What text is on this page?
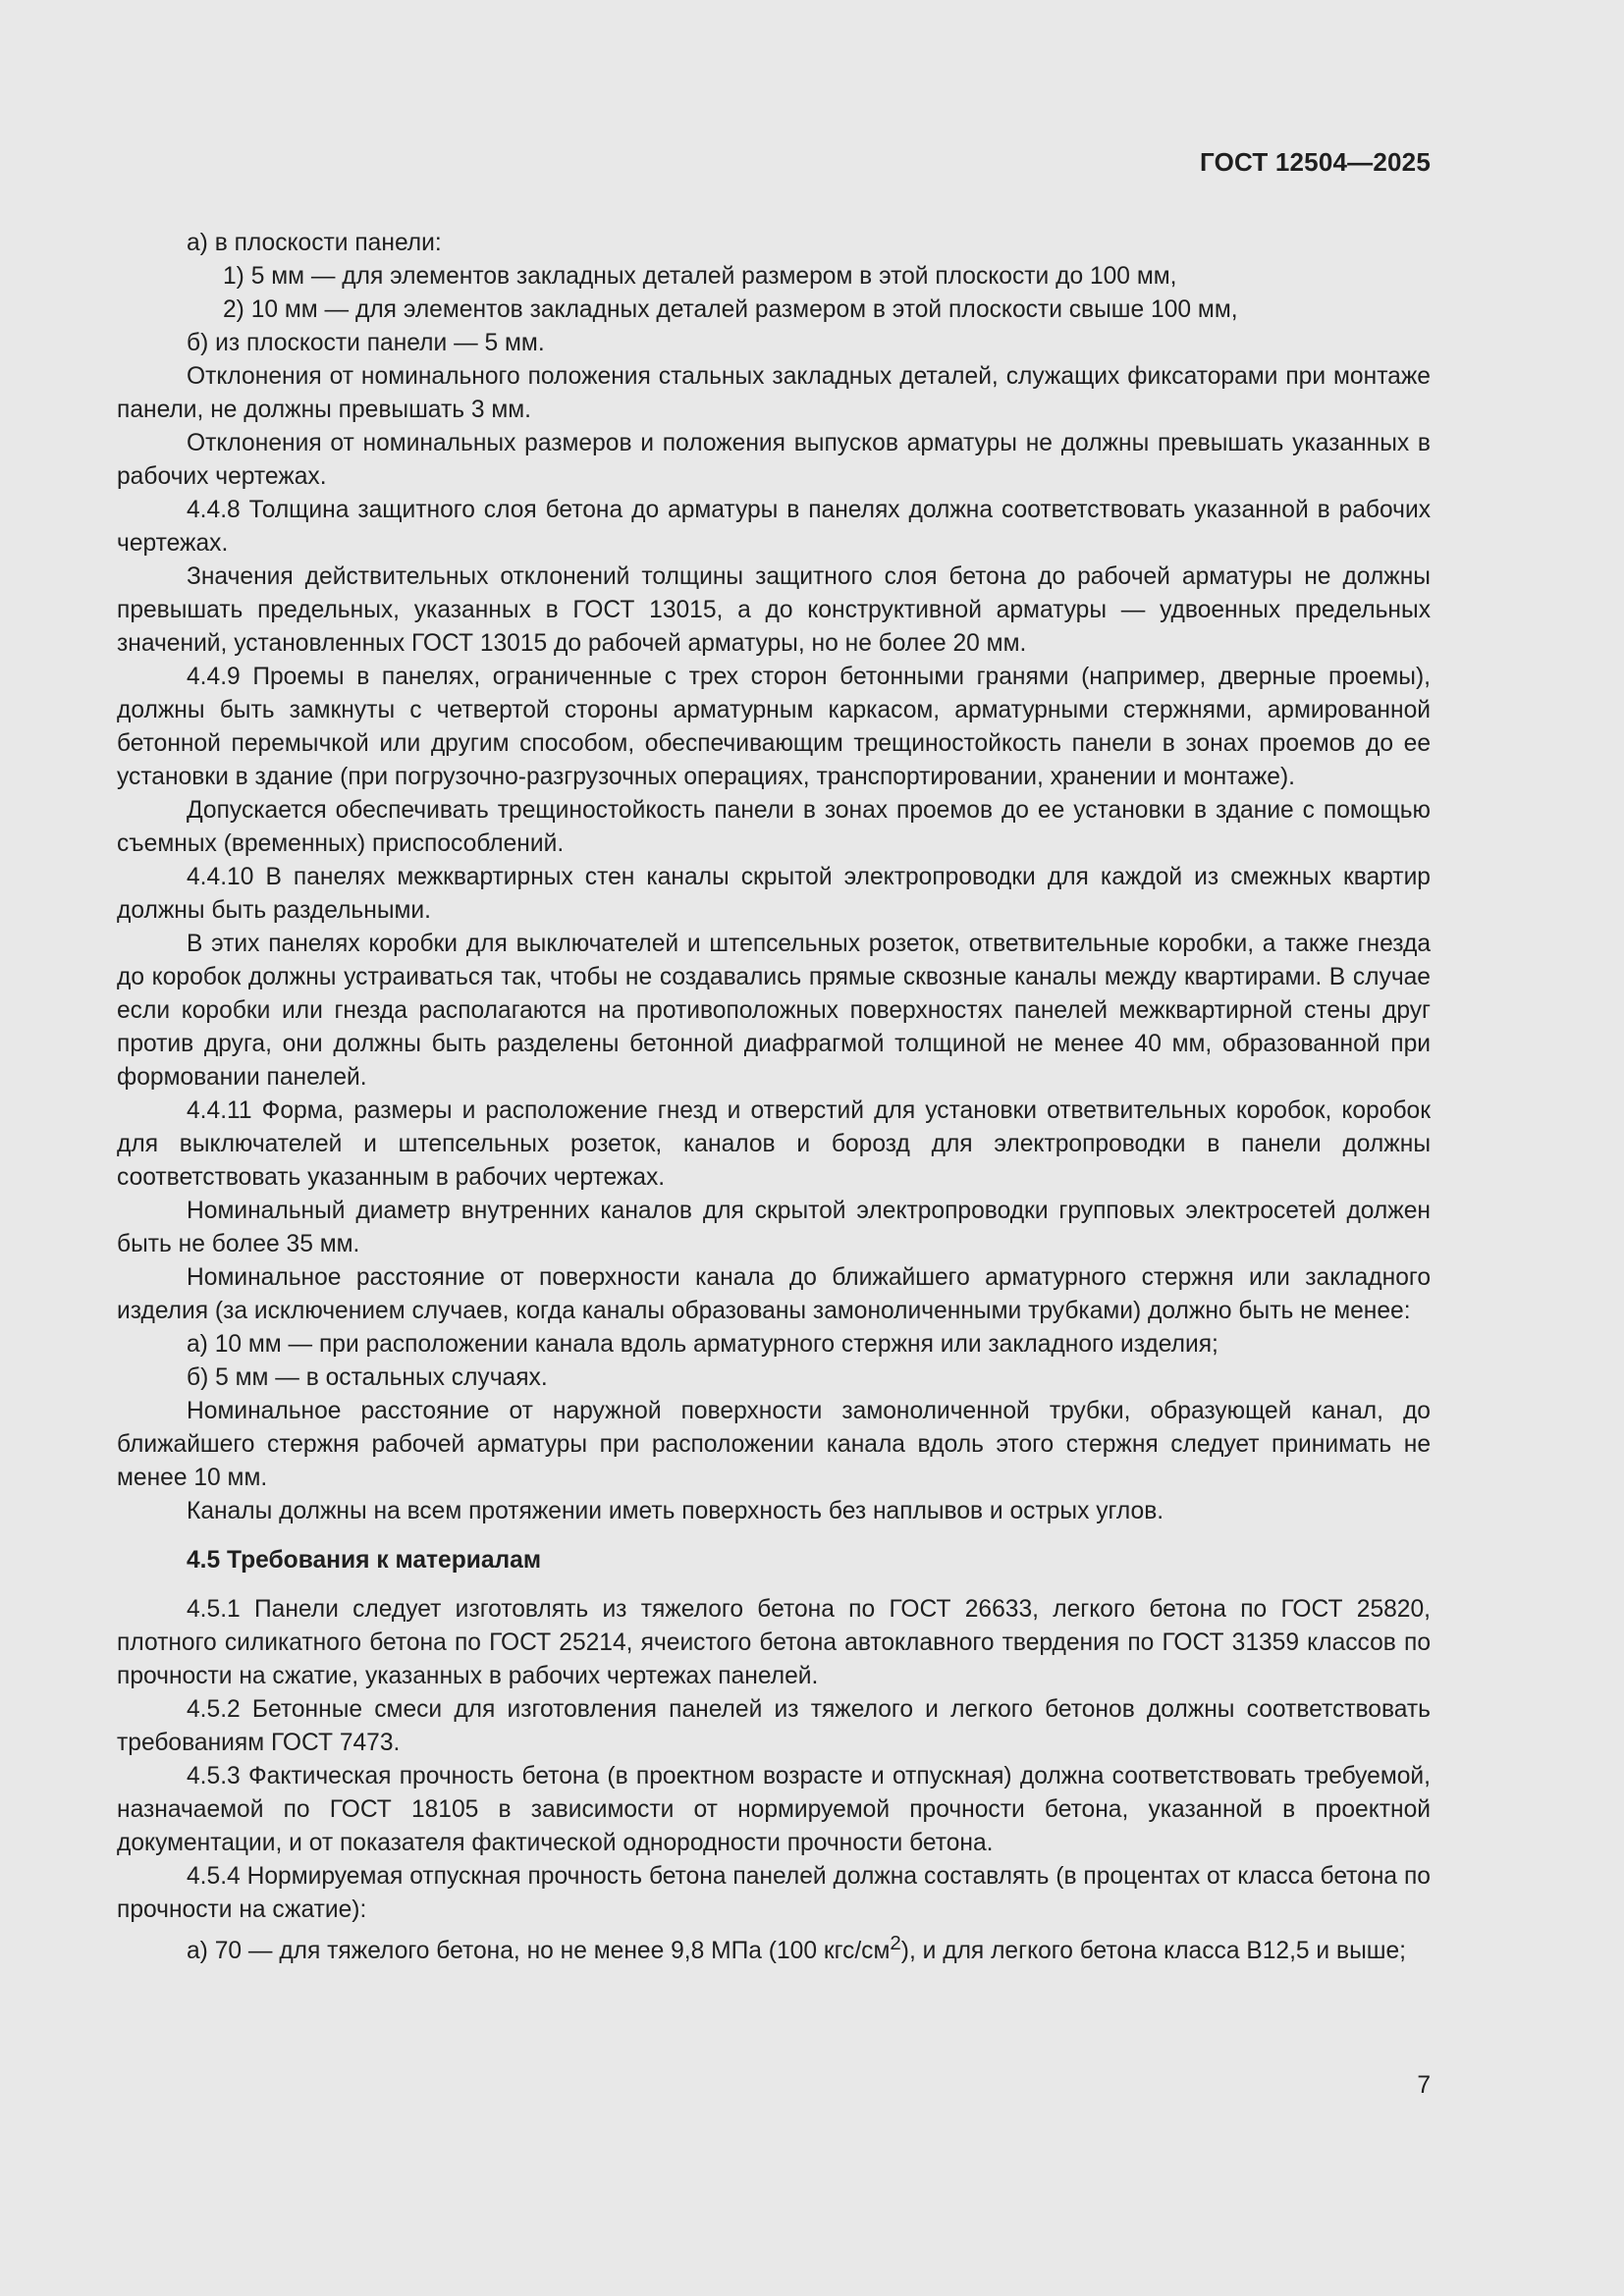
ГОСТ 12504—2025

а) в плоскости панели:

1) 5 мм — для элементов закладных деталей размером в этой плоскости до 100 мм,

2) 10 мм — для элементов закладных деталей размером в этой плоскости свыше 100 мм,

б) из плоскости панели — 5 мм.

Отклонения от номинального положения стальных закладных деталей, служащих фиксаторами при монтаже панели, не должны превышать 3 мм.

Отклонения от номинальных размеров и положения выпусков арматуры не должны превышать указанных в рабочих чертежах.

4.4.8 Толщина защитного слоя бетона до арматуры в панелях должна соответствовать указанной в рабочих чертежах.

Значения действительных отклонений толщины защитного слоя бетона до рабочей арматуры не должны превышать предельных, указанных в ГОСТ 13015, а до конструктивной арматуры — удвоенных предельных значений, установленных ГОСТ 13015 до рабочей арматуры, но не более 20 мм.

4.4.9 Проемы в панелях, ограниченные с трех сторон бетонными гранями (например, дверные проемы), должны быть замкнуты с четвертой стороны арматурным каркасом, арматурными стержнями, армированной бетонной перемычкой или другим способом, обеспечивающим трещиностойкость панели в зонах проемов до ее установки в здание (при погрузочно-разгрузочных операциях, транспортировании, хранении и монтаже).

Допускается обеспечивать трещиностойкость панели в зонах проемов до ее установки в здание с помощью съемных (временных) приспособлений.

4.4.10 В панелях межквартирных стен каналы скрытой электропроводки для каждой из смежных квартир должны быть раздельными.

В этих панелях коробки для выключателей и штепсельных розеток, ответвительные коробки, а также гнезда до коробок должны устраиваться так, чтобы не создавались прямые сквозные каналы между квартирами. В случае если коробки или гнезда располагаются на противоположных поверхностях панелей межквартирной стены друг против друга, они должны быть разделены бетонной диафрагмой толщиной не менее 40 мм, образованной при формовании панелей.

4.4.11 Форма, размеры и расположение гнезд и отверстий для установки ответвительных коробок, коробок для выключателей и штепсельных розеток, каналов и борозд для электропроводки в панели должны соответствовать указанным в рабочих чертежах.

Номинальный диаметр внутренних каналов для скрытой электропроводки групповых электросетей должен быть не более 35 мм.

Номинальное расстояние от поверхности канала до ближайшего арматурного стержня или закладного изделия (за исключением случаев, когда каналы образованы замоноличенными трубками) должно быть не менее:

а) 10 мм — при расположении канала вдоль арматурного стержня или закладного изделия;

б) 5 мм — в остальных случаях.

Номинальное расстояние от наружной поверхности замоноличенной трубки, образующей канал, до ближайшего стержня рабочей арматуры при расположении канала вдоль этого стержня следует принимать не менее 10 мм.

Каналы должны на всем протяжении иметь поверхность без наплывов и острых углов.

4.5 Требования к материалам

4.5.1 Панели следует изготовлять из тяжелого бетона по ГОСТ 26633, легкого бетона по ГОСТ 25820, плотного силикатного бетона по ГОСТ 25214, ячеистого бетона автоклавного твердения по ГОСТ 31359 классов по прочности на сжатие, указанных в рабочих чертежах панелей.

4.5.2 Бетонные смеси для изготовления панелей из тяжелого и легкого бетонов должны соответствовать требованиям ГОСТ 7473.

4.5.3 Фактическая прочность бетона (в проектном возрасте и отпускная) должна соответствовать требуемой, назначаемой по ГОСТ 18105 в зависимости от нормируемой прочности бетона, указанной в проектной документации, и от показателя фактической однородности прочности бетона.

4.5.4 Нормируемая отпускная прочность бетона панелей должна составлять (в процентах от класса бетона по прочности на сжатие):

а) 70 — для тяжелого бетона, но не менее 9,8 МПа (100 кгс/$см^2$), и для легкого бетона класса В12,5 и выше;

7
